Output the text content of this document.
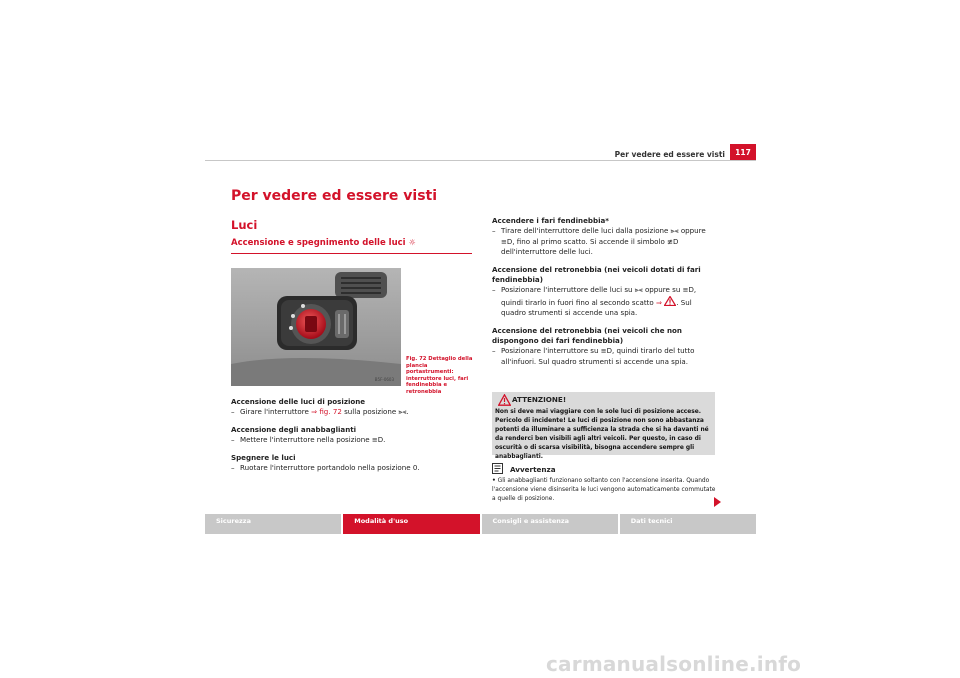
Per vedere ed essere visti	117
Per vedere ed essere visti
Luci
Accensione e spegnimento delle luci ☼
B5F-0603
Fig. 72 Dettaglio della plancia portastrumenti: interruttore luci, fari fendinebbia e retronebbia
Accensione delle luci di posizione
– Girare l'interruttore ⇒ fig. 72 sulla posizione ⫸⫷.
Accensione degli anabbaglianti
– Mettere l'interruttore nella posizione ≡D.
Spegnere le luci
– Ruotare l'interruttore portandolo nella posizione 0.
Accendere i fari fendinebbia*
– Tirare dell'interruttore delle luci dalla posizione ⫸⫷ oppure ≡D, fino al primo scatto. Si accende il simbolo ≢D dell'interruttore delle luci.
Accensione del retronebbia (nei veicoli dotati di fari fendinebbia)
– Posizionare l'interruttore delle luci su ⫸⫷ oppure su ≡D, quindi tirarlo in fuori fino al secondo scatto ⇒ . Sul quadro strumenti si accende una spia.
Accensione del retronebbia (nei veicoli che non dispongono dei fari fendinebbia)
– Posizionare l'interruttore su ≡D, quindi tirarlo del tutto all'infuori. Sul quadro strumenti si accende una spia.
ATTENZIONE!
Non si deve mai viaggiare con le sole luci di posizione accese. Pericolo di incidente! Le luci di posizione non sono abbastanza potenti da illuminare a sufficienza la strada che si ha davanti né da renderci ben visibili agli altri veicoli. Per questo, in caso di oscurità o di scarsa visibilità, bisogna accendere sempre gli anabbaglianti.
Avvertenza
• Gli anabbaglianti funzionano soltanto con l'accensione inserita. Quando l'accensione viene disinserita le luci vengono automaticamente commutate a quelle di posizione.
Sicurezza	Modalità d'uso	Consigli e assistenza	Dati tecnici
carmanualsonline.info
